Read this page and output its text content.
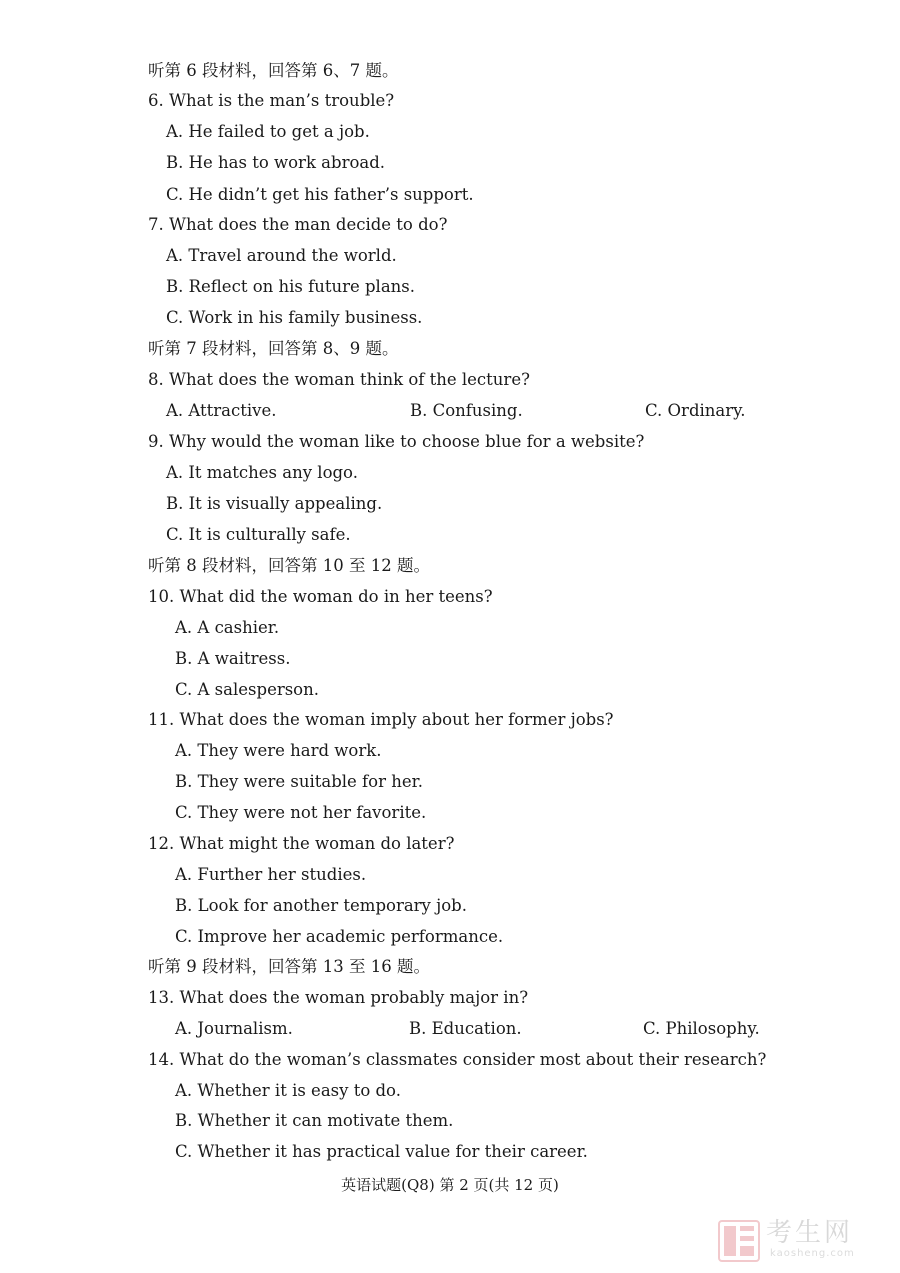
听第 6 段材料，回答第 6、7 题。
6. What is the man’s trouble?
A. He failed to get a job.
B. He has to work abroad.
C. He didn’t get his father’s support.
7. What does the man decide to do?
A. Travel around the world.
B. Reflect on his future plans.
C. Work in his family business.
听第 7 段材料，回答第 8、9 题。
8. What does the woman think of the lecture?
A. Attractive.	B. Confusing.	C. Ordinary.
9. Why would the woman like to choose blue for a website?
A. It matches any logo.
B. It is visually appealing.
C. It is culturally safe.
听第 8 段材料，回答第 10 至 12 题。
10. What did the woman do in her teens?
A. A cashier.
B. A waitress.
C. A salesperson.
11. What does the woman imply about her former jobs?
A. They were hard work.
B. They were suitable for her.
C. They were not her favorite.
12. What might the woman do later?
A. Further her studies.
B. Look for another temporary job.
C. Improve her academic performance.
听第 9 段材料，回答第 13 至 16 题。
13. What does the woman probably major in?
A. Journalism.	B. Education.	C. Philosophy.
14. What do the woman’s classmates consider most about their research?
A. Whether it is easy to do.
B. Whether it can motivate them.
C. Whether it has practical value for their career.
英语试题(Q8) 第 2 页(共 12 页)
考生网
kaosheng.com
